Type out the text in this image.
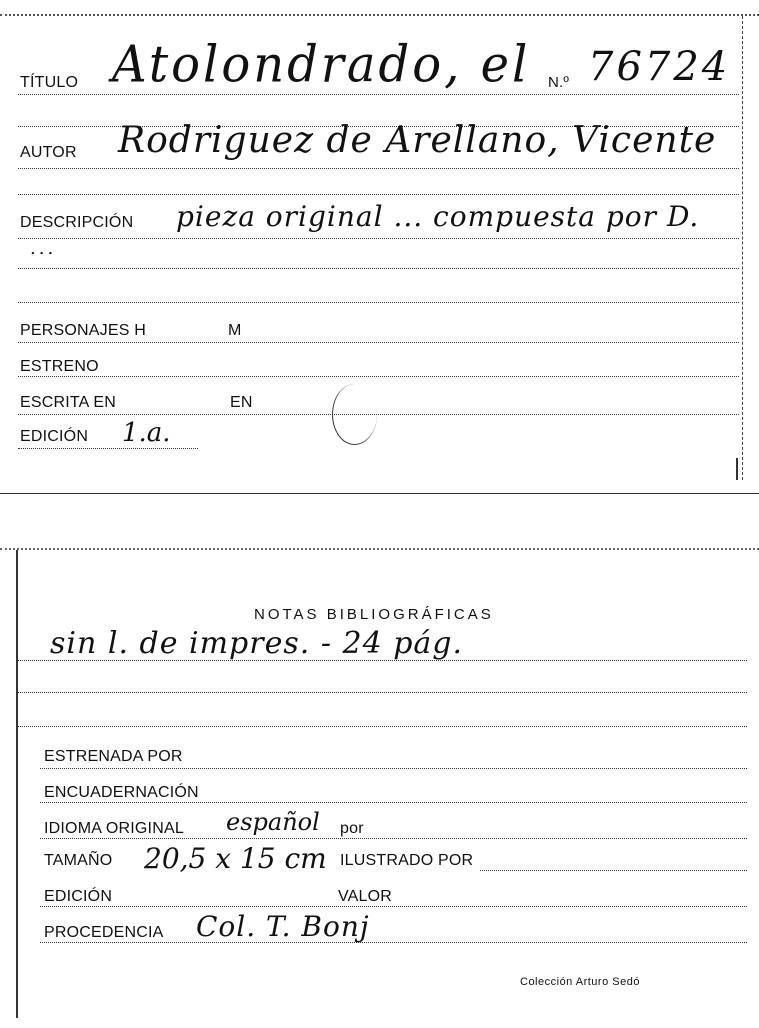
TÍTULO Atolondrado, el N.º 76724
AUTOR Rodriguez de Arellano, Vicente
DESCRIPCIÓN pieza original ... compuesta por D.
...
PERSONAJES H	M
ESTRENO
ESCRITA EN	EN
EDICIÓN 1.a.
NOTAS BIBLIOGRÁFICAS
sin l. de impres. - 24 pág.
ESTRENADA POR
ENCUADERNACIÓN
IDIOMA ORIGINAL español por
TAMAÑO 20,5 x 15 cm ILUSTRADO POR
EDICIÓN	VALOR
PROCEDENCIA Col. T. Bonj
Colección Arturo Sedó
